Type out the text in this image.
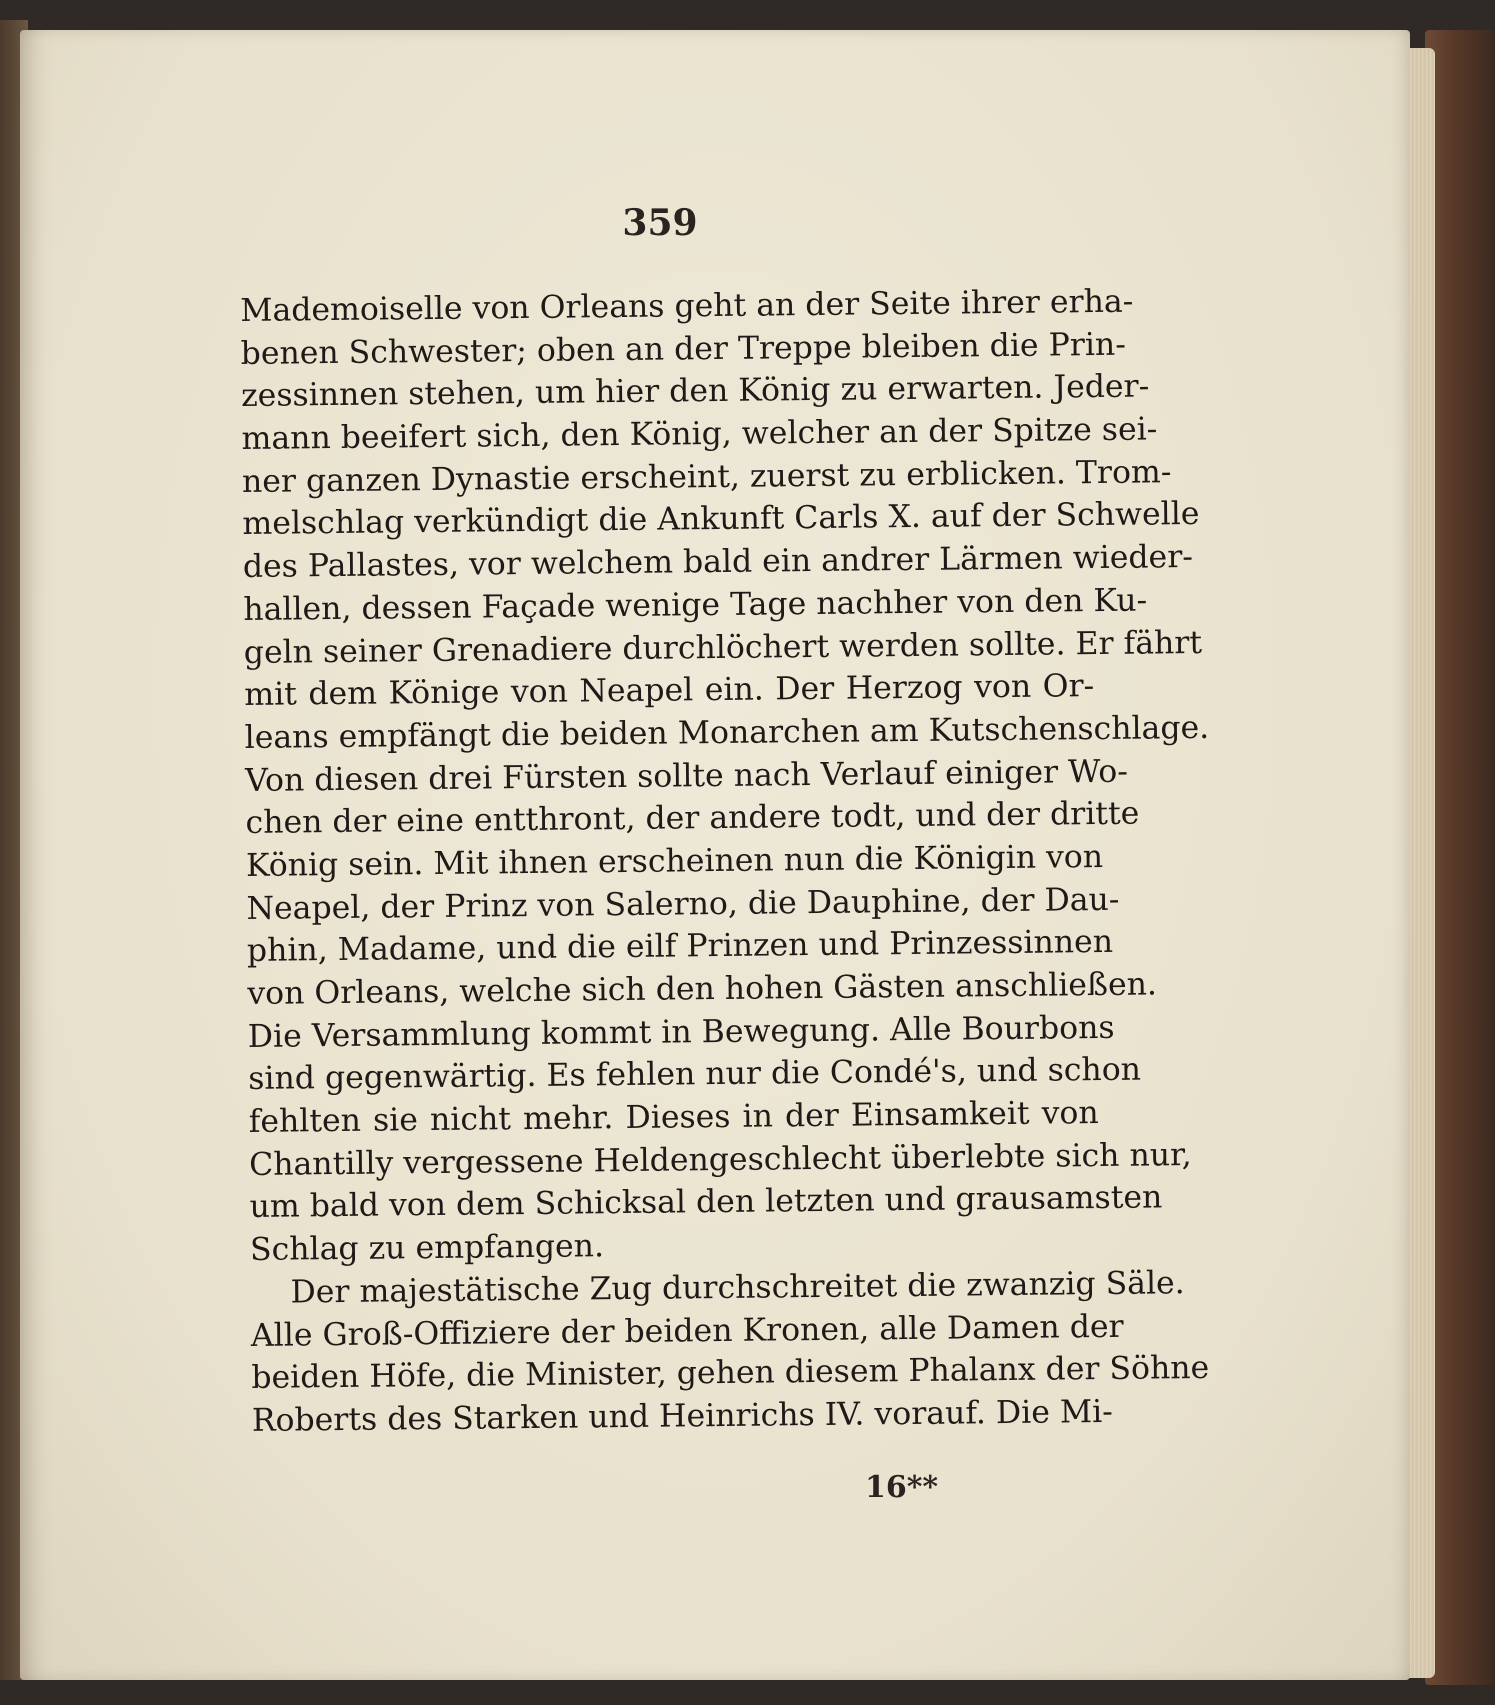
359
Mademoiselle von Orleans geht an der Seite ihrer erha-
benen Schwester; oben an der Treppe bleiben die Prin-
zessinnen stehen, um hier den König zu erwarten. Jeder-
mann beeifert sich, den König, welcher an der Spitze sei-
ner ganzen Dynastie erscheint, zuerst zu erblicken. Trom-
melschlag verkündigt die Ankunft Carls X. auf der Schwelle
des Pallastes, vor welchem bald ein andrer Lärmen wieder-
hallen, dessen Façade wenige Tage nachher von den Ku-
geln seiner Grenadiere durchlöchert werden sollte. Er fährt
mit dem Könige von Neapel ein. Der Herzog von Or-
leans empfängt die beiden Monarchen am Kutschenschlage.
Von diesen drei Fürsten sollte nach Verlauf einiger Wo-
chen der eine entthront, der andere todt, und der dritte
König sein. Mit ihnen erscheinen nun die Königin von
Neapel, der Prinz von Salerno, die Dauphine, der Dau-
phin, Madame, und die eilf Prinzen und Prinzessinnen
von Orleans, welche sich den hohen Gästen anschließen.
Die Versammlung kommt in Bewegung. Alle Bourbons
sind gegenwärtig. Es fehlen nur die Condé's, und schon
fehlten sie nicht mehr. Dieses in der Einsamkeit von
Chantilly vergessene Heldengeschlecht überlebte sich nur,
um bald von dem Schicksal den letzten und grausamsten
Schlag zu empfangen.
Der majestätische Zug durchschreitet die zwanzig Säle.
Alle Groß-Offiziere der beiden Kronen, alle Damen der
beiden Höfe, die Minister, gehen diesem Phalanx der Söhne
Roberts des Starken und Heinrichs IV. vorauf. Die Mi-
16**
